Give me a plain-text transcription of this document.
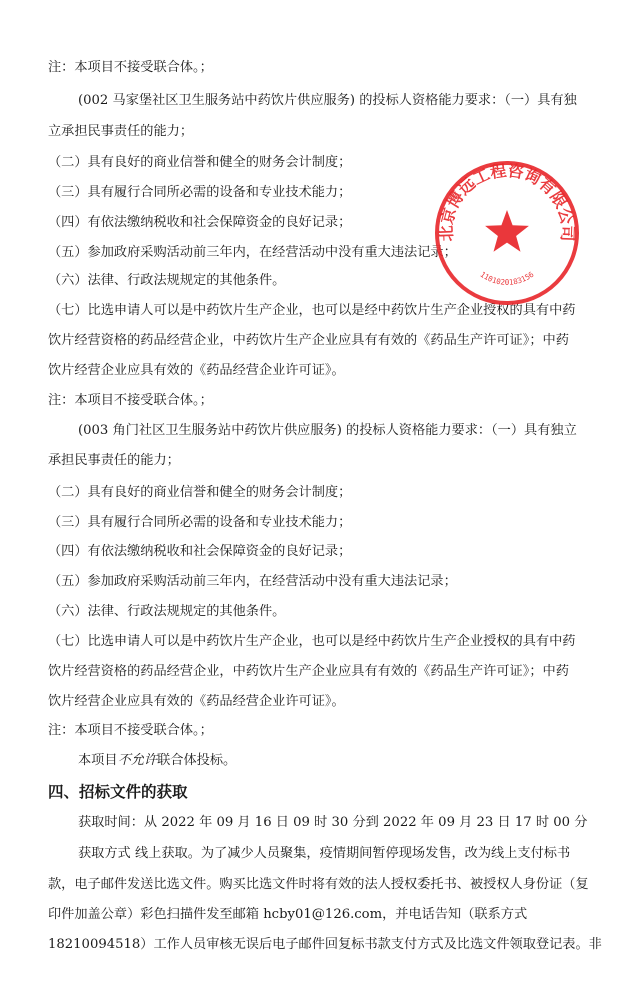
注：本项目不接受联合体。；
(002 马家堡社区卫生服务站中药饮片供应服务) 的投标人资格能力要求：（一）具有独
立承担民事责任的能力；
（二）具有良好的商业信誉和健全的财务会计制度；
（三）具有履行合同所必需的设备和专业技术能力；
（四）有依法缴纳税收和社会保障资金的良好记录；
（五）参加政府采购活动前三年内，在经营活动中没有重大违法记录；
（六）法律、行政法规规定的其他条件。
（七）比选申请人可以是中药饮片生产企业，也可以是经中药饮片生产企业授权的具有中药
饮片经营资格的药品经营企业，中药饮片生产企业应具有有效的《药品生产许可证》；中药
饮片经营企业应具有效的《药品经营企业许可证》。
注：本项目不接受联合体。；
(003 角门社区卫生服务站中药饮片供应服务) 的投标人资格能力要求：（一）具有独立
承担民事责任的能力；
（二）具有良好的商业信誉和健全的财务会计制度；
（三）具有履行合同所必需的设备和专业技术能力；
（四）有依法缴纳税收和社会保障资金的良好记录；
（五）参加政府采购活动前三年内，在经营活动中没有重大违法记录；
（六）法律、行政法规规定的其他条件。
（七）比选申请人可以是中药饮片生产企业，也可以是经中药饮片生产企业授权的具有中药
饮片经营资格的药品经营企业，中药饮片生产企业应具有有效的《药品生产许可证》；中药
饮片经营企业应具有效的《药品经营企业许可证》。
注：本项目不接受联合体。；
本项目不允许联合体投标。
四、招标文件的获取
获取时间：从 2022 年 09 月 16 日 09 时 30 分到 2022 年 09 月 23 日 17 时 00 分
获取方式 线上获取。为了减少人员聚集，疫情期间暂停现场发售，改为线上支付标书
款，电子邮件发送比选文件。购买比选文件时将有效的法人授权委托书、被授权人身份证（复
印件加盖公章）彩色扫描件发至邮箱 hcby01@126.com，并电话告知（联系方式
18210094518）工作人员审核无误后电子邮件回复标书款支付方式及比选文件领取登记表。非
北京博远工程咨询有限公司
1101020183156
